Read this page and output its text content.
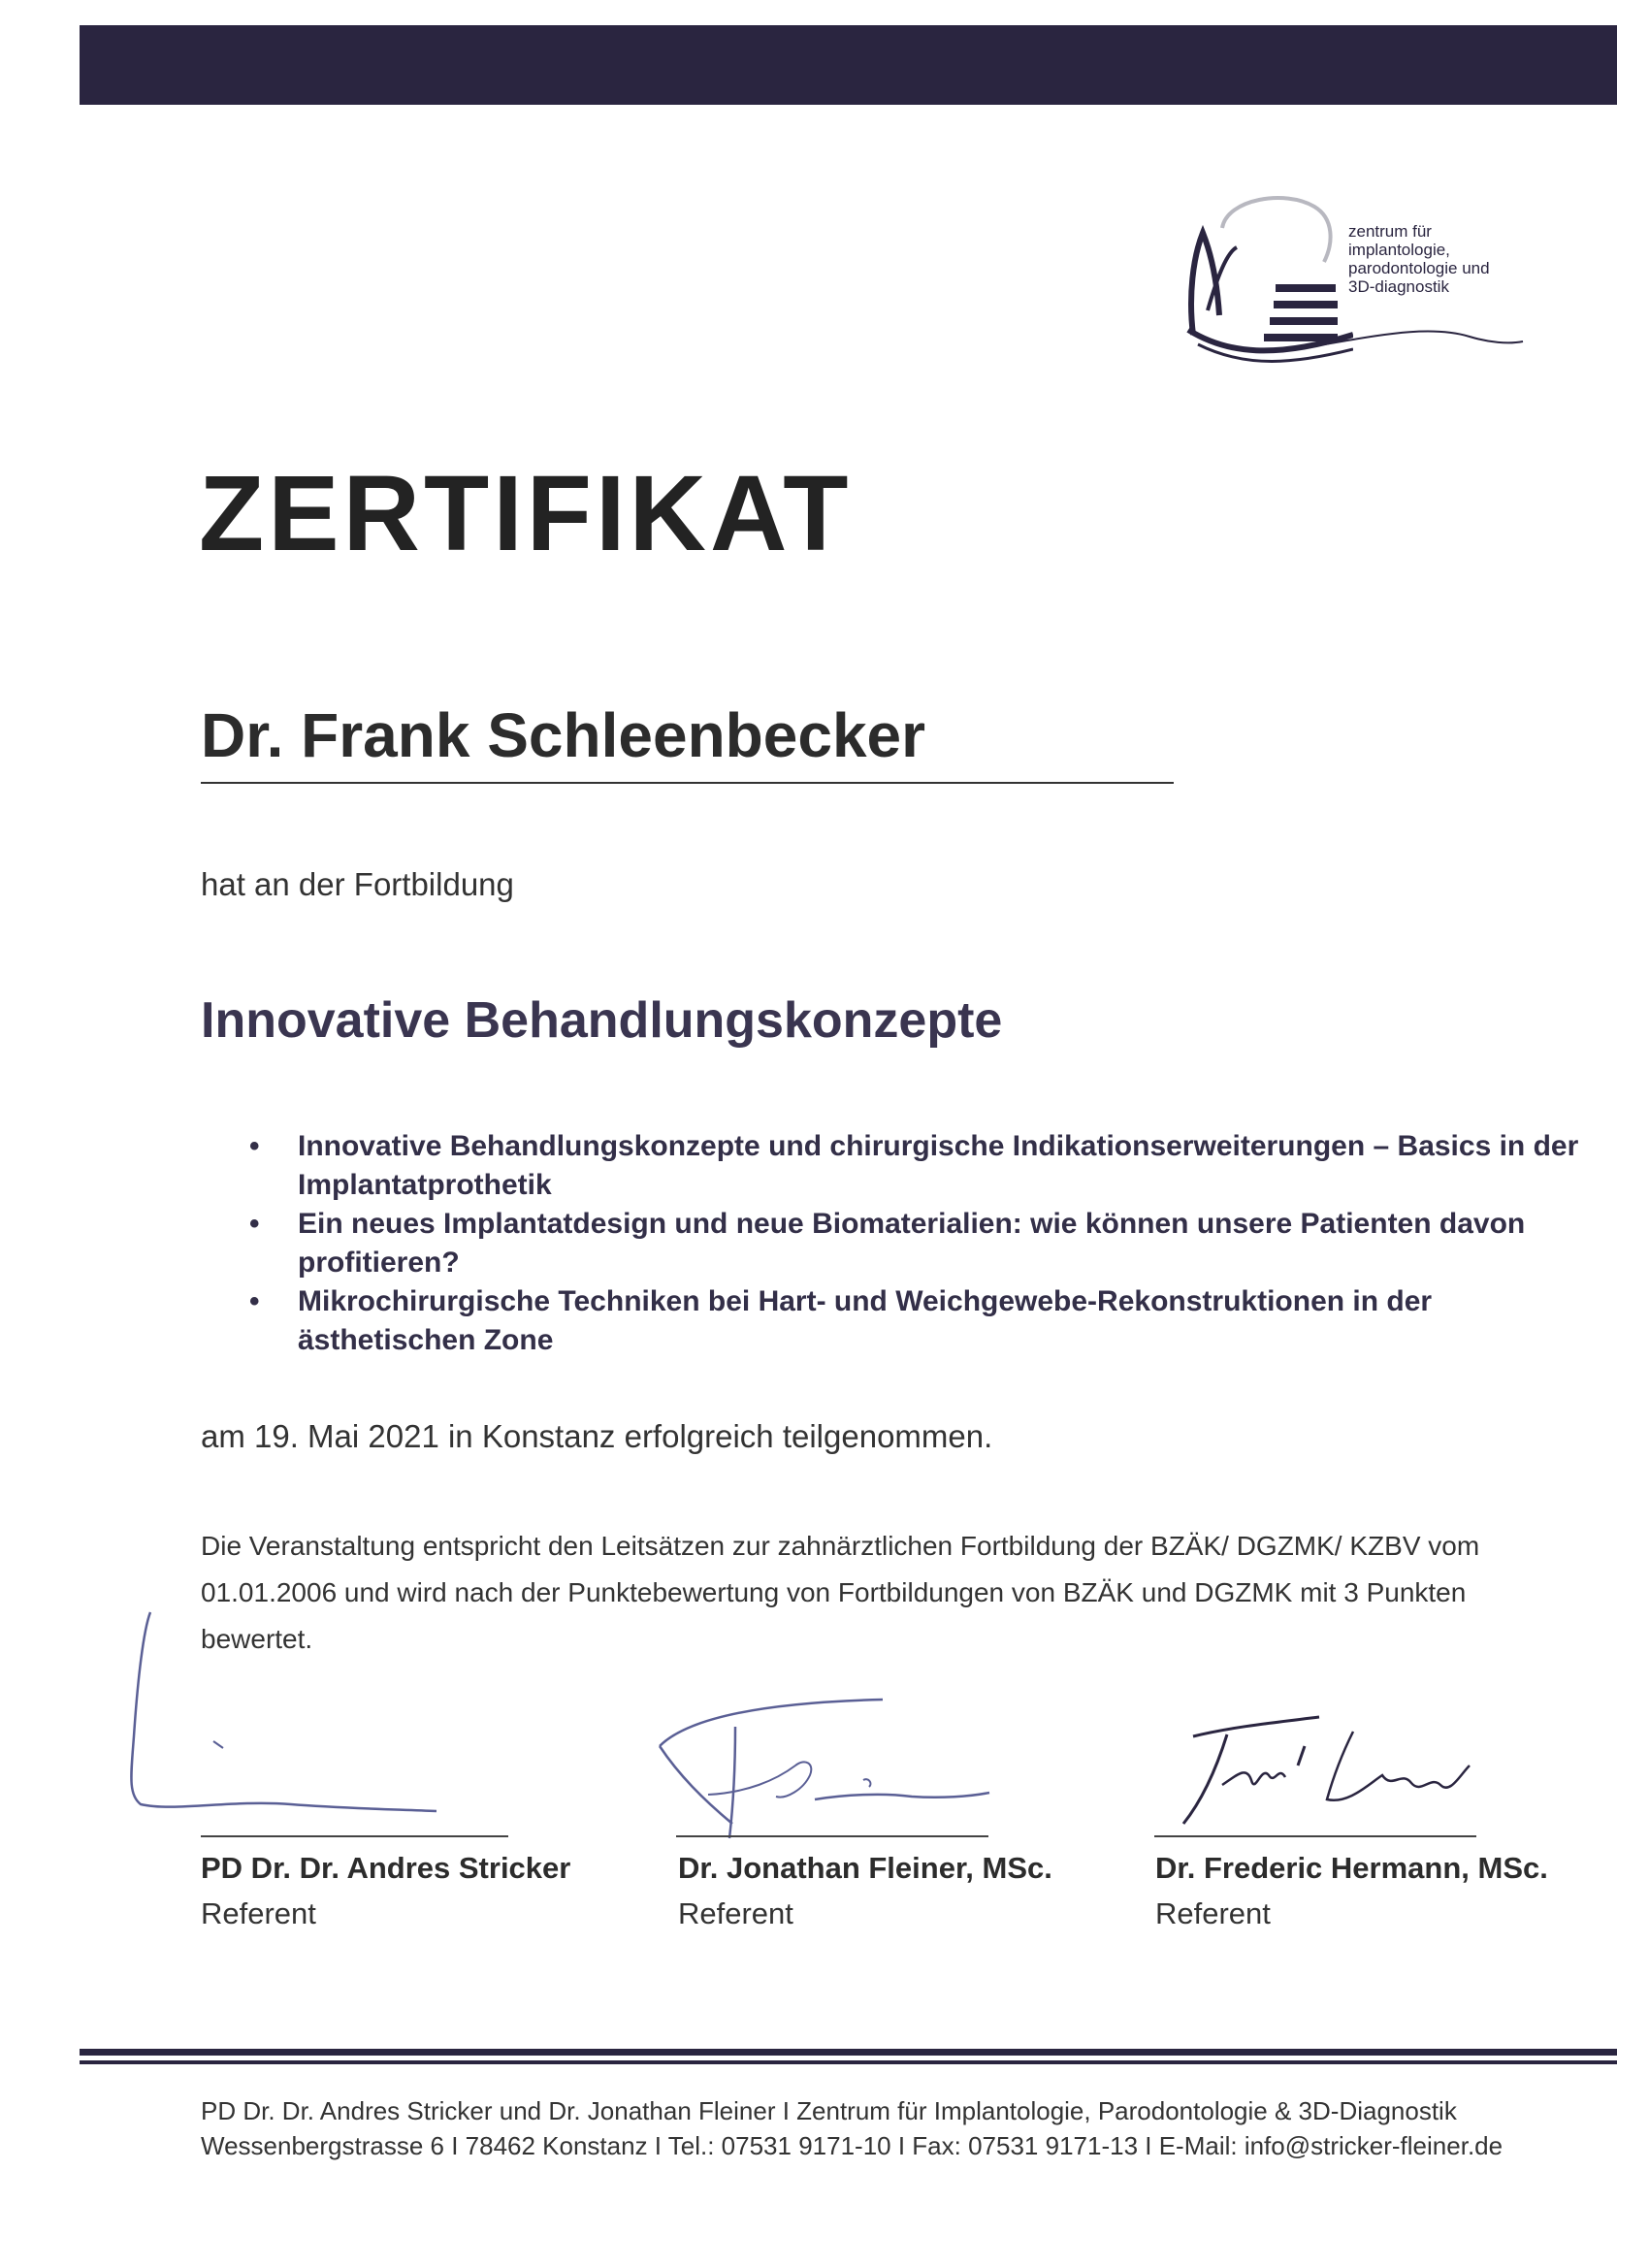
zentrum für
implantologie,
parodontologie und
3D-diagnostik
ZERTIFIKAT
Dr. Frank Schleenbecker
hat an der Fortbildung
Innovative Behandlungskonzepte
• Innovative Behandlungskonzepte und chirurgische Indikationserweiterungen – Basics in der Implantatprothetik
• Ein neues Implantatdesign und neue Biomaterialien: wie können unsere Patienten davon profitieren?
• Mikrochirurgische Techniken bei Hart- und Weichgewebe-Rekonstruktionen in der ästhetischen Zone
am 19. Mai 2021 in Konstanz erfolgreich teilgenommen.
Die Veranstaltung entspricht den Leitsätzen zur zahnärztlichen Fortbildung der BZÄK/ DGZMK/ KZBV vom 01.01.2006 und wird nach der Punktebewertung von Fortbildungen von BZÄK und DGZMK mit 3 Punkten bewertet.
PD Dr. Dr. Andres Stricker
Referent
Dr. Jonathan Fleiner, MSc.
Referent
Dr. Frederic Hermann, MSc.
Referent
PD Dr. Dr. Andres Stricker und Dr. Jonathan Fleiner I Zentrum für Implantologie, Parodontologie & 3D-Diagnostik
Wessenbergstrasse 6 I 78462 Konstanz I Tel.: 07531 9171-10 I Fax: 07531 9171-13 I E-Mail: info@stricker-fleiner.de
